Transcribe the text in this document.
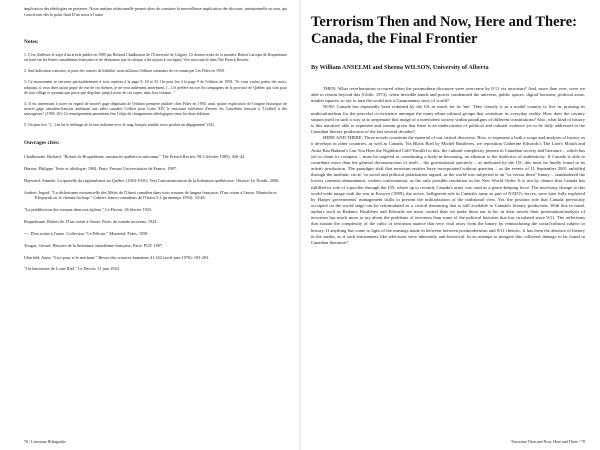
implication des idéologies en présence. Notre analyse relationnelle permet alors de constater la merveilleuse implication des discours, intentionnelle ou non, qui s'inscrivent dès le point final D'un actea à l'autre.

Notes:

1. C'est d'ailleurs le sujet d'un article publié en 1985 par Richard Chadbourne de l'Université de Calgary. Ce dernier traite de la manière Robert Laroque de Roquebrune est basé sur les lettres canadiennes-françaises et de démontrer que la critique a été injuste à son égard. Voir sous-article dans The French Review.

2. Sinf indication contraire, et pour des raisons de lisibilité, nous utilisons l'édition sommaire de ce roman par Les Fides en 1958.

3. Ce mouvement se retrouve particulièrement à trois reprises à la page 9, 18 et 33. On peut lire à la page 9 de l'édition de 1958: "Si vous voulez parler des noirs, rabjauni, si vous dites qu'un pique de vue de ces thèmes, je ne veut nullement antériment. [...] Je préfère encore les campagnes de la province de Québec qui sont pour de tout village et ajoutant que parce que dégoûter jusqu'à avoir de ces sujets, dans leur volume..."

4. Il est intéressant à noter en regard de nouvel gage déguisant de l'édition première publiée chez Fides en 1958, ainsi qu'une explication de l'origine historique de nouvel gage canadien-français attribuant aux idées causales Colbert pour Louis XIV le rencontre inférieure d'envier les Canadiens français à "[s'allier] à des sauvagesses" (1958: 20). Ce renseignement permettant être l'objet de changements idéologiques entre les deux éditions.

5. On peut lire: "[...] en lui le mélange de la race indienne avec le sang français semble avoir produit un dégagement" (34).

Ouvrages cités:

Chadbourne, Richard. "Robert de Roquebrune, romancier québécois méconnu." The French Review 58.3 (février 1985): 436-44.

Harson, Philippe. Texte et idéologie. 1984. Paris: Presses Universitaires de France, 1997.

Hayward, Annette. La querelle du régionalisme au Québec (1904-1931): Vers l'autonomisation de la littérature québécoise. Ottawa: Le Nordir, 2006.

Joubert, Ingrid. "La dichotomie existentielle des Métis de l'Ouest canadien dans trois romans de langue française: D'un océan à l'autre, Manitoba et Tchipayuk ou le chemin du loup." Cahiers franco-canadiens de l'Ouest 5.1 (printemps 1993): 33-46.

"La prédilection des romans dans nos églises." Le Devoir. 26 février 1923.

Roquebrune, Robert de. D'un océan à l'autre. Paris: du monde nouveau, 1924.

---. D'un océan à l'autre. Collection "Le Pélican." Montréal: Fides, 1958.

Tougas, Gérard. Histoire de la littérature canadienne-française. Paris: PUF, 1967.

Uberfeld, Anne. "Lire pour et le méchant." Revue des sciences humaines 41.162 (avril-juin 1976): 193-203.

"Un lancement de Louis Riel." Le Devoir. 11 juin 1923.

76 / Literature Bilingualis
Terrorism Then and Now, Here and There: Canada, the Final Frontier
By William ANSELMI and Sheena WILSON, University of Alberta

THEN: What reverberations occurred when the postmodern discourse were overcome by 9/11 via terrorism? And, more than ever, were we able to reason beyond this (Chile: 1973), when invisible hands and power condemned the universe, public spaces, digital horizons, political areas, market squares, to say to turn the world into a Guantanamo story of world?

NOW: Canada has repeatedly been ordained by the US as much for its 'me.' They classify it as a model country to live in, praising its multiculturalism for the peaceful co-existence amongst the many ethno-cultural groups that constitute its everyday reality. How does the country sustain itself in such a way as to perpetuate this image of a nonviolent society within paradigms of different constitutions? Also, what kind of history is this narrative able to represent and sustain given that there is an undercurrent of political and cultural violence yet to be fully addressed in the Canadian literary production of the last several decades?

HERE AND THERE: Three novels constitute the material of our critical discourse. How, to represent a both a scope and analysis of history as it develops in other countries, as well as Canada. Via Black Bird by Michel Basilières, we reposition Catherine Edwards's The Lion's Mouth and Anita Rau Badami's Can You Hear the Nightbird Call? Parallel to this, the cultural complexity present in Canadian society and literature – which has yet to claim its conquest – must be targeted as constituting a body-in-becoming, an allusion to the dialectics of authenticity. If Canada is able to contribute more than the general deconstruction of itself – the gravitational spectacle – as indicated by the US, this must be finally found in its artistic production. The paradigm shift that terrorism entities have incorporated without question – as the events of 11 September 2001 unfolded through the mediatic circle, 'in social and political polarization argued, as the world was subjected to an "us versus them" binary – standardized the lowest common denominator, violent confrontation, as the only possible resolution in the New World Order. It is not by chance that Canada has fulfilled its role of a pacifier through the UN, where up to recently Canada's army was used as a peace-keeping force. The necessary change to this world-wide image with the war in Kosovo (1999), the active, belligerent role in Canada's army as part of NATO's forces, were later fully exploited by Harper governments' management skills to present the militarization of the traditional view. Yet, the position role that Canada previously occupied on the world stage can be reformulated as a critical distancing that is still available to Canada's literary production. With this in mind, authors such as Badami, Basilières and Edwards are more central than we make them out to be: in their novels their presentation/analysis of terrorism has much more to say about the problems of terrorism than some of the political histories that has circulated since 9/11. The reflections that sustain the complexity of the cubic of terrorism nuance that very vital away from the binary by reintroducing the social/cultural subject to history. If anything has come to light of the musings made in between between postmodernism and 9/11 rhetoric, it has been the absence of history in the media, as if such instruments like television were inherently anti-historical. In an attempt to mitigate this collateral damage to be found in Canadian literature?

Terrorism Then and Now, Here and There / 79
